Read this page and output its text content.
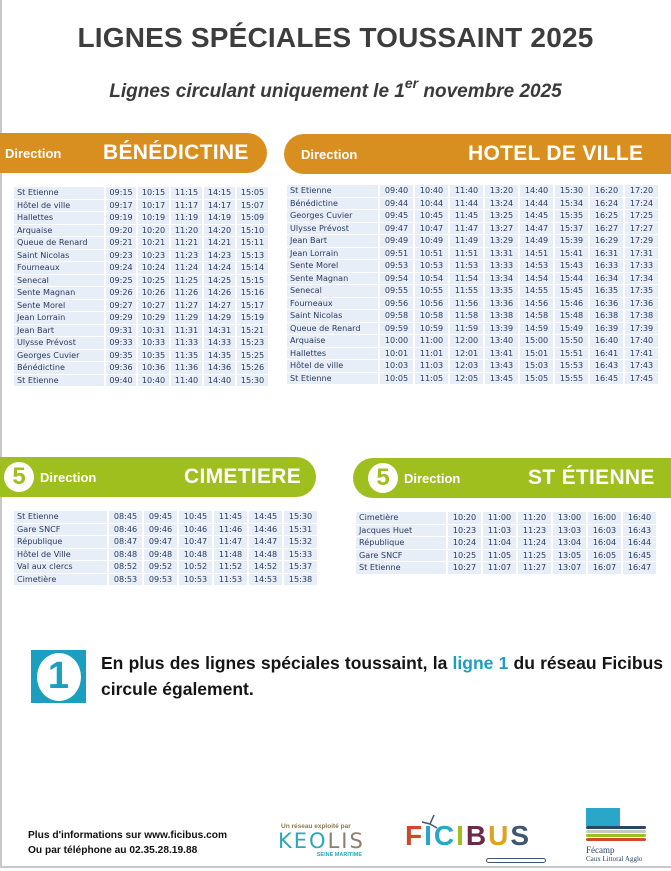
LIGNES SPÉCIALES TOUSSAINT 2025
Lignes circulant uniquement le 1er novembre 2025
Direction BÉNÉDICTINE
St Etienne	09:15	10:15	11:15	14:15	15:05
Hôtel de ville	09:17	10:17	11:17	14:17	15:07
Hallettes	09:19	10:19	11:19	14:19	15:09
Arquaise	09:20	10:20	11:20	14:20	15:10
Queue de Renard	09:21	10:21	11:21	14:21	15:11
Saint Nicolas	09:23	10:23	11:23	14:23	15:13
Fourneaux	09:24	10:24	11:24	14:24	15:14
Senecal	09:25	10:25	11:25	14:25	15:15
Sente Magnan	09:26	10:26	11:26	14:26	15:16
Sente Morel	09:27	10:27	11:27	14:27	15:17
Jean Lorrain	09:29	10:29	11:29	14:29	15:19
Jean Bart	09:31	10:31	11:31	14:31	15:21
Ulysse Prévost	09:33	10:33	11:33	14:33	15:23
Georges Cuvier	09:35	10:35	11:35	14:35	15:25
Bénédictine	09:36	10:36	11:36	14:36	15:26
St Etienne	09:40	10:40	11:40	14:40	15:30
Direction	HOTEL DE VILLE
St Etienne	09:40	10:40	11:40	13:20	14:40	15:30	16:20	17:20
Bénédictine	09:44	10:44	11:44	13:24	14:44	15:34	16:24	17:24
Georges Cuvier	09:45	10:45	11:45	13:25	14:45	15:35	16:25	17:25
Ulysse Prévost	09:47	10:47	11:47	13:27	14:47	15:37	16:27	17:27
Jean Bart	09:49	10:49	11:49	13:29	14:49	15:39	16:29	17:29
Jean Lorrain	09:51	10:51	11:51	13:31	14:51	15:41	16:31	17:31
Sente Morel	09:53	10:53	11:53	13:33	14:53	15:43	16:33	17:33
Sente Magnan	09:54	10:54	11:54	13:34	14:54	15:44	16:34	17:34
Senecal	09:55	10:55	11:55	13:35	14:55	15:45	16:35	17:35
Fourneaux	09:56	10:56	11:56	13:36	14:56	15:46	16:36	17:36
Saint Nicolas	09:58	10:58	11:58	13:38	14:58	15:48	16:38	17:38
Queue de Renard	09:59	10:59	11:59	13:39	14:59	15:49	16:39	17:39
Arquaise	10:00	11:00	12:00	13:40	15:00	15:50	16:40	17:40
Hallettes	10:01	11:01	12:01	13:41	15:01	15:51	16:41	17:41
Hôtel de ville	10:03	11:03	12:03	13:43	15:03	15:53	16:43	17:43
St Etienne	10:05	11:05	12:05	13:45	15:05	15:55	16:45	17:45
5	Direction	CIMETIERE
St Etienne	08:45	09:45	10:45	11:45	14:45	15:30
Gare SNCF	08:46	09:46	10:46	11:46	14:46	15:31
République	08:47	09:47	10:47	11:47	14:47	15:32
Hôtel de Ville	08:48	09:48	10:48	11:48	14:48	15:33
Val aux clercs	08:52	09:52	10:52	11:52	14:52	15:37
Cimetière	08:53	09:53	10:53	11:53	14:53	15:38
5	Direction	ST ÉTIENNE
Cimetière	10:20	11:00	11:20	13:00	16:00	16:40
Jacques Huet	10:23	11:03	11:23	13:03	16:03	16:43
République	10:24	11:04	11:24	13:04	16:04	16:44
Gare SNCF	10:25	11:05	11:25	13:05	16:05	16:45
St Etienne	10:27	11:07	11:27	13:07	16:07	16:47
1	En plus des lignes spéciales toussaint, la ligne 1 du réseau Ficibus circule également.
Plus d'informations sur www.ficibus.com
Ou par téléphone au 02.35.28.19.88
Un réseau exploité par
KEOLIS
SEINE MARITIME
FICIBUS	Fécamp
Caux Littoral Agglo
